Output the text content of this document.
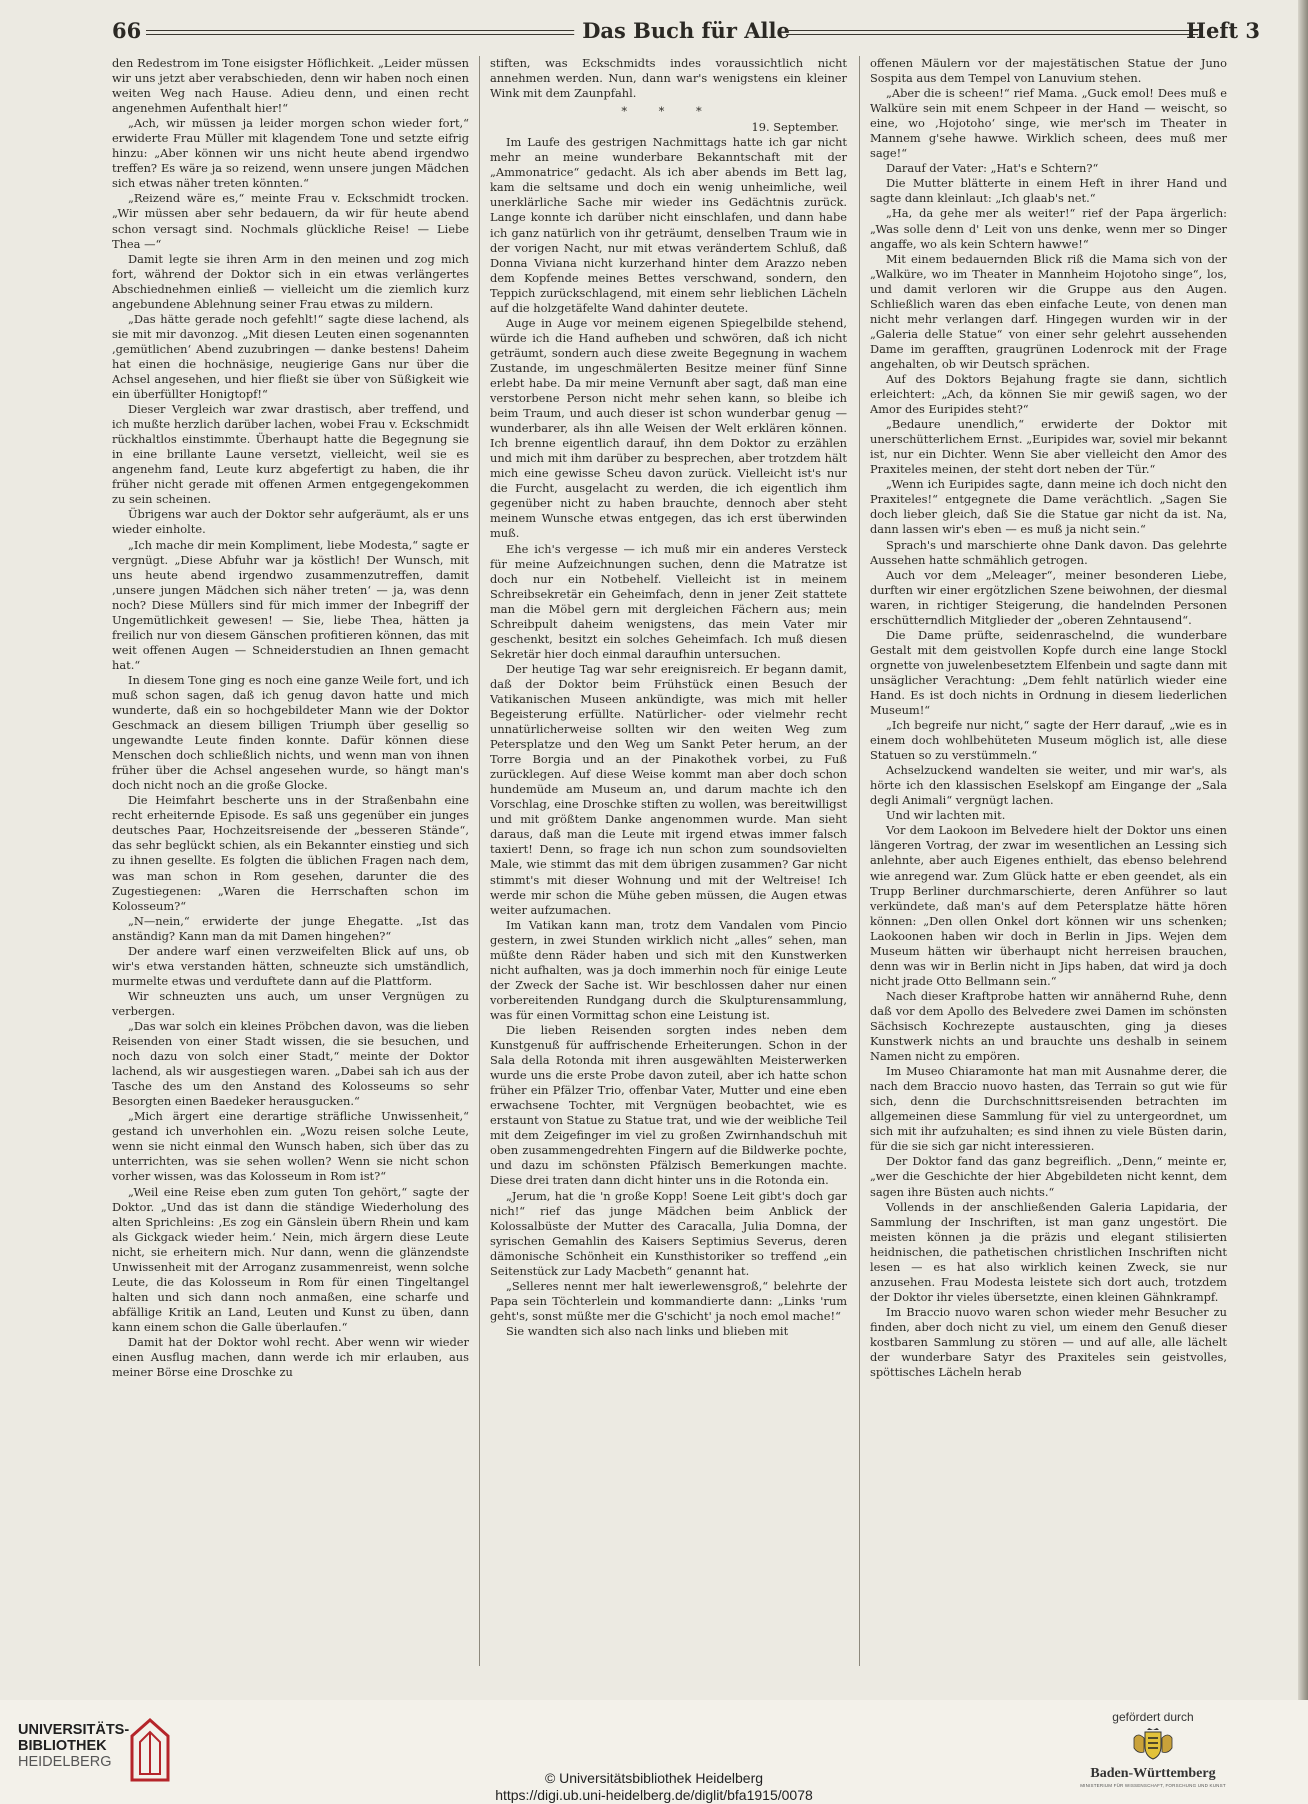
66	Das Buch für Alle	Heft 3

den Redestrom im Tone eisigster Höflichkeit. „Leider müssen wir uns jetzt aber verabschieden, denn wir haben noch einen weiten Weg nach Hause. Adieu denn, und einen recht angenehmen Aufenthalt hier!“

„Ach, wir müssen ja leider morgen schon wieder fort,“ erwiderte Frau Müller mit klagendem Tone und setzte eifrig hinzu: „Aber können wir uns nicht heute abend irgendwo treffen? Es wäre ja so reizend, wenn unsere jungen Mädchen sich etwas näher treten könnten.“

„Reizend wäre es,“ meinte Frau v. Eckschmidt trocken. „Wir müssen aber sehr bedauern, da wir für heute abend schon versagt sind. Nochmals glückliche Reise! — Liebe Thea —“

Damit legte sie ihren Arm in den meinen und zog mich fort, während der Doktor sich in ein etwas verlängertes Abschiednehmen einließ — vielleicht um die ziemlich kurz angebundene Ablehnung seiner Frau etwas zu mildern.

„Das hätte gerade noch gefehlt!“ sagte diese lachend, als sie mit mir davonzog. „Mit diesen Leuten einen sogenannten ‚gemütlichen‘ Abend zuzubringen — danke bestens! Daheim hat einen die hochnäsige, neugierige Gans nur über die Achsel angesehen, und hier fließt sie über von Süßigkeit wie ein überfüllter Honigtopf!“

Dieser Vergleich war zwar drastisch, aber treffend, und ich mußte herzlich darüber lachen, wobei Frau v. Eckschmidt rückhaltlos einstimmte. Überhaupt hatte die Begegnung sie in eine brillante Laune versetzt, vielleicht, weil sie es angenehm fand, Leute kurz abgefertigt zu haben, die ihr früher nicht gerade mit offenen Armen entgegengekommen zu sein scheinen.

Übrigens war auch der Doktor sehr aufgeräumt, als er uns wieder einholte.

„Ich mache dir mein Kompliment, liebe Modesta,“ sagte er vergnügt. „Diese Abfuhr war ja köstlich! Der Wunsch, mit uns heute abend irgendwo zusammenzutreffen, damit ‚unsere jungen Mädchen sich näher treten‘ — ja, was denn noch? Diese Müllers sind für mich immer der Inbegriff der Ungemütlichkeit gewesen! — Sie, liebe Thea, hätten ja freilich nur von diesem Gänschen profitieren können, das mit weit offenen Augen — Schneiderstudien an Ihnen gemacht hat.“

In diesem Tone ging es noch eine ganze Weile fort, und ich muß schon sagen, daß ich genug davon hatte und mich wunderte, daß ein so hochgebildeter Mann wie der Doktor Geschmack an diesem billigen Triumph über gesellig so ungewandte Leute finden konnte. Dafür können diese Menschen doch schließlich nichts, und wenn man von ihnen früher über die Achsel angesehen wurde, so hängt man's doch nicht noch an die große Glocke.

Die Heimfahrt bescherte uns in der Straßenbahn eine recht erheiternde Episode. Es saß uns gegenüber ein junges deutsches Paar, Hochzeitsreisende der „besseren Stände“, das sehr beglückt schien, als ein Bekannter einstieg und sich zu ihnen gesellte. Es folgten die üblichen Fragen nach dem, was man schon in Rom gesehen, darunter die des Zugestiegenen: „Waren die Herrschaften schon im Kolosseum?“

„N—nein,“ erwiderte der junge Ehegatte. „Ist das anständig? Kann man da mit Damen hingehen?“

Der andere warf einen verzweifelten Blick auf uns, ob wir's etwa verstanden hätten, schneuzte sich umständlich, murmelte etwas und verduftete dann auf die Plattform.

Wir schneuzten uns auch, um unser Vergnügen zu verbergen.

„Das war solch ein kleines Pröbchen davon, was die lieben Reisenden von einer Stadt wissen, die sie besuchen, und noch dazu von solch einer Stadt,“ meinte der Doktor lachend, als wir ausgestiegen waren. „Dabei sah ich aus der Tasche des um den Anstand des Kolosseums so sehr Besorgten einen Baedeker herausgucken.“

„Mich ärgert eine derartige sträfliche Unwissenheit,“ gestand ich unverhohlen ein. „Wozu reisen solche Leute, wenn sie nicht einmal den Wunsch haben, sich über das zu unterrichten, was sie sehen wollen? Wenn sie nicht schon vorher wissen, was das Kolosseum in Rom ist?“

„Weil eine Reise eben zum guten Ton gehört,“ sagte der Doktor. „Und das ist dann die ständige Wiederholung des alten Sprichleins: ‚Es zog ein Gänslein übern Rhein und kam als Gickgack wieder heim.‘ Nein, mich ärgern diese Leute nicht, sie erheitern mich. Nur dann, wenn die glänzendste Unwissenheit mit der Arroganz zusammenreist, wenn solche Leute, die das Kolosseum in Rom für einen Tingeltangel halten und sich dann noch anmaßen, eine scharfe und abfällige Kritik an Land, Leuten und Kunst zu üben, dann kann einem schon die Galle überlaufen.“

Damit hat der Doktor wohl recht. Aber wenn wir wieder einen Ausflug machen, dann werde ich mir erlauben, aus meiner Börse eine Droschke zu

stiften, was Eckschmidts indes voraussichtlich nicht annehmen werden. Nun, dann war's wenigstens ein kleiner Wink mit dem Zaunpfahl.

* * *

19. September.

Im Laufe des gestrigen Nachmittags hatte ich gar nicht mehr an meine wunderbare Bekanntschaft mit der „Ammonatrice“ gedacht. Als ich aber abends im Bett lag, kam die seltsame und doch ein wenig unheimliche, weil unerklärliche Sache mir wieder ins Gedächtnis zurück. Lange konnte ich darüber nicht einschlafen, und dann habe ich ganz natürlich von ihr geträumt, denselben Traum wie in der vorigen Nacht, nur mit etwas verändertem Schluß, daß Donna Viviana nicht kurzerhand hinter dem Arazzo neben dem Kopfende meines Bettes verschwand, sondern, den Teppich zurückschlagend, mit einem sehr lieblichen Lächeln auf die holzgetäfelte Wand dahinter deutete.

Auge in Auge vor meinem eigenen Spiegelbilde stehend, würde ich die Hand aufheben und schwören, daß ich nicht geträumt, sondern auch diese zweite Begegnung in wachem Zustande, im ungeschmälerten Besitze meiner fünf Sinne erlebt habe. Da mir meine Vernunft aber sagt, daß man eine verstorbene Person nicht mehr sehen kann, so bleibe ich beim Traum, und auch dieser ist schon wunderbar genug — wunderbarer, als ihn alle Weisen der Welt erklären können. Ich brenne eigentlich darauf, ihn dem Doktor zu erzählen und mich mit ihm darüber zu besprechen, aber trotzdem hält mich eine gewisse Scheu davon zurück. Vielleicht ist's nur die Furcht, ausgelacht zu werden, die ich eigentlich ihm gegenüber nicht zu haben brauchte, dennoch aber steht meinem Wunsche etwas entgegen, das ich erst überwinden muß.

Ehe ich's vergesse — ich muß mir ein anderes Versteck für meine Aufzeichnungen suchen, denn die Matratze ist doch nur ein Notbehelf. Vielleicht ist in meinem Schreibsekretär ein Geheimfach, denn in jener Zeit stattete man die Möbel gern mit dergleichen Fächern aus; mein Schreibpult daheim wenigstens, das mein Vater mir geschenkt, besitzt ein solches Geheimfach. Ich muß diesen Sekretär hier doch einmal daraufhin untersuchen.

Der heutige Tag war sehr ereignisreich. Er begann damit, daß der Doktor beim Frühstück einen Besuch der Vatikanischen Museen ankündigte, was mich mit heller Begeisterung erfüllte. Natürlicher- oder vielmehr recht unnatürlicherweise sollten wir den weiten Weg zum Petersplatze und den Weg um Sankt Peter herum, an der Torre Borgia und an der Pinakothek vorbei, zu Fuß zurücklegen. Auf diese Weise kommt man aber doch schon hundemüde am Museum an, und darum machte ich den Vorschlag, eine Droschke stiften zu wollen, was bereitwilligst und mit größtem Danke angenommen wurde. Man sieht daraus, daß man die Leute mit irgend etwas immer falsch taxiert! Denn, so frage ich nun schon zum soundsovielten Male, wie stimmt das mit dem übrigen zusammen? Gar nicht stimmt's mit dieser Wohnung und mit der Weltreise! Ich werde mir schon die Mühe geben müssen, die Augen etwas weiter aufzumachen.

Im Vatikan kann man, trotz dem Vandalen vom Pincio gestern, in zwei Stunden wirklich nicht „alles“ sehen, man müßte denn Räder haben und sich mit den Kunstwerken nicht aufhalten, was ja doch immerhin noch für einige Leute der Zweck der Sache ist. Wir beschlossen daher nur einen vorbereitenden Rundgang durch die Skulpturensammlung, was für einen Vormittag schon eine Leistung ist.

Die lieben Reisenden sorgten indes neben dem Kunstgenuß für auffrischende Erheiterungen. Schon in der Sala della Rotonda mit ihren ausgewählten Meisterwerken wurde uns die erste Probe davon zuteil, aber ich hatte schon früher ein Pfälzer Trio, offenbar Vater, Mutter und eine eben erwachsene Tochter, mit Vergnügen beobachtet, wie es erstaunt von Statue zu Statue trat, und wie der weibliche Teil mit dem Zeigefinger im viel zu großen Zwirnhandschuh mit oben zusammengedrehten Fingern auf die Bildwerke pochte, und dazu im schönsten Pfälzisch Bemerkungen machte. Diese drei traten dann dicht hinter uns in die Rotonda ein.

„Jerum, hat die 'n große Kopp! Soene Leit gibt's doch gar nich!“ rief das junge Mädchen beim Anblick der Kolossalbüste der Mutter des Caracalla, Julia Domna, der syrischen Gemahlin des Kaisers Septimius Severus, deren dämonische Schönheit ein Kunsthistoriker so treffend „ein Seitenstück zur Lady Macbeth“ genannt hat.

„Selleres nennt mer halt iewerlewensgroß,“ belehrte der Papa sein Töchterlein und kommandierte dann: „Links 'rum geht's, sonst müßte mer die G'schicht' ja noch emol mache!“

Sie wandten sich also nach links und blieben mit

offenen Mäulern vor der majestätischen Statue der Juno Sospita aus dem Tempel von Lanuvium stehen.

„Aber die is scheen!“ rief Mama. „Guck emol! Dees muß e Walküre sein mit enem Schpeer in der Hand — weischt, so eine, wo ‚Hojotoho‘ singe, wie mer'sch im Theater in Mannem g'sehe hawwe. Wirklich scheen, dees muß mer sage!“

Darauf der Vater: „Hat's e Schtern?“

Die Mutter blätterte in einem Heft in ihrer Hand und sagte dann kleinlaut: „Ich glaab's net.“

„Ha, da gehe mer als weiter!“ rief der Papa ärgerlich: „Was solle denn d' Leit von uns denke, wenn mer so Dinger angaffe, wo als kein Schtern hawwe!“

Mit einem bedauernden Blick riß die Mama sich von der „Walküre, wo im Theater in Mannheim Hojotoho singe“, los, und damit verloren wir die Gruppe aus den Augen. Schließlich waren das eben einfache Leute, von denen man nicht mehr verlangen darf. Hingegen wurden wir in der „Galeria delle Statue“ von einer sehr gelehrt aussehenden Dame im gerafften, graugrünen Lodenrock mit der Frage angehalten, ob wir Deutsch sprächen.

Auf des Doktors Bejahung fragte sie dann, sichtlich erleichtert: „Ach, da können Sie mir gewiß sagen, wo der Amor des Euripides steht?“

„Bedaure unendlich,“ erwiderte der Doktor mit unerschütterlichem Ernst. „Euripides war, soviel mir bekannt ist, nur ein Dichter. Wenn Sie aber vielleicht den Amor des Praxiteles meinen, der steht dort neben der Tür.“

„Wenn ich Euripides sagte, dann meine ich doch nicht den Praxiteles!“ entgegnete die Dame verächtlich. „Sagen Sie doch lieber gleich, daß Sie die Statue gar nicht da ist. Na, dann lassen wir's eben — es muß ja nicht sein.“

Sprach's und marschierte ohne Dank davon. Das gelehrte Aussehen hatte schmählich getrogen.

Auch vor dem „Meleager“, meiner besonderen Liebe, durften wir einer ergötzlichen Szene beiwohnen, der diesmal waren, in richtiger Steigerung, die handelnden Personen erschütterndlich Mitglieder der „oberen Zehntausend“.

Die Dame prüfte, seidenraschelnd, die wunderbare Gestalt mit dem geistvollen Kopfe durch eine lange Stockl orgnette von juwelenbesetztem Elfenbein und sagte dann mit unsäglicher Verachtung: „Dem fehlt natürlich wieder eine Hand. Es ist doch nichts in Ordnung in diesem liederlichen Museum!“

„Ich begreife nur nicht,“ sagte der Herr darauf, „wie es in einem doch wohlbehüteten Museum möglich ist, alle diese Statuen so zu verstümmeln.“

Achselzuckend wandelten sie weiter, und mir war's, als hörte ich den klassischen Eselskopf am Eingange der „Sala degli Animali“ vergnügt lachen.

Und wir lachten mit.

Vor dem Laokoon im Belvedere hielt der Doktor uns einen längeren Vortrag, der zwar im wesentlichen an Lessing sich anlehnte, aber auch Eigenes enthielt, das ebenso belehrend wie anregend war. Zum Glück hatte er eben geendet, als ein Trupp Berliner durchmarschierte, deren Anführer so laut verkündete, daß man's auf dem Petersplatze hätte hören können: „Den ollen Onkel dort können wir uns schenken; Laokoonen haben wir doch in Berlin in Jips. Wejen dem Museum hätten wir überhaupt nicht herreisen brauchen, denn was wir in Berlin nicht in Jips haben, dat wird ja doch nicht jrade Otto Bellmann sein.“

Nach dieser Kraftprobe hatten wir annähernd Ruhe, denn daß vor dem Apollo des Belvedere zwei Damen im schönsten Sächsisch Kochrezepte austauschten, ging ja dieses Kunstwerk nichts an und brauchte uns deshalb in seinem Namen nicht zu empören.

Im Museo Chiaramonte hat man mit Ausnahme derer, die nach dem Braccio nuovo hasten, das Terrain so gut wie für sich, denn die Durchschnittsreisenden betrachten im allgemeinen diese Sammlung für viel zu untergeordnet, um sich mit ihr aufzuhalten; es sind ihnen zu viele Büsten darin, für die sie sich gar nicht interessieren.

Der Doktor fand das ganz begreiflich. „Denn,“ meinte er, „wer die Geschichte der hier Abgebildeten nicht kennt, dem sagen ihre Büsten auch nichts.“

Vollends in der anschließenden Galeria Lapidaria, der Sammlung der Inschriften, ist man ganz ungestört. Die meisten können ja die präzis und elegant stilisierten heidnischen, die pathetischen christlichen Inschriften nicht lesen — es hat also wirklich keinen Zweck, sie nur anzusehen. Frau Modesta leistete sich dort auch, trotzdem der Doktor ihr vieles übersetzte, einen kleinen Gähnkrampf.

Im Braccio nuovo waren schon wieder mehr Besucher zu finden, aber doch nicht zu viel, um einem den Genuß dieser kostbaren Sammlung zu stören — und auf alle, alle lächelt der wunderbare Satyr des Praxiteles sein geistvolles, spöttisches Lächeln herab

UNIVERSITÄTS-
BIBLIOTHEK
HEIDELBERG
© Universitätsbibliothek Heidelberg
https://digi.ub.uni-heidelberg.de/diglit/bfa1915/0078
gefördert durch
Baden-Württemberg
MINISTERIUM FÜR WISSENSCHAFT, FORSCHUNG UND KUNST
